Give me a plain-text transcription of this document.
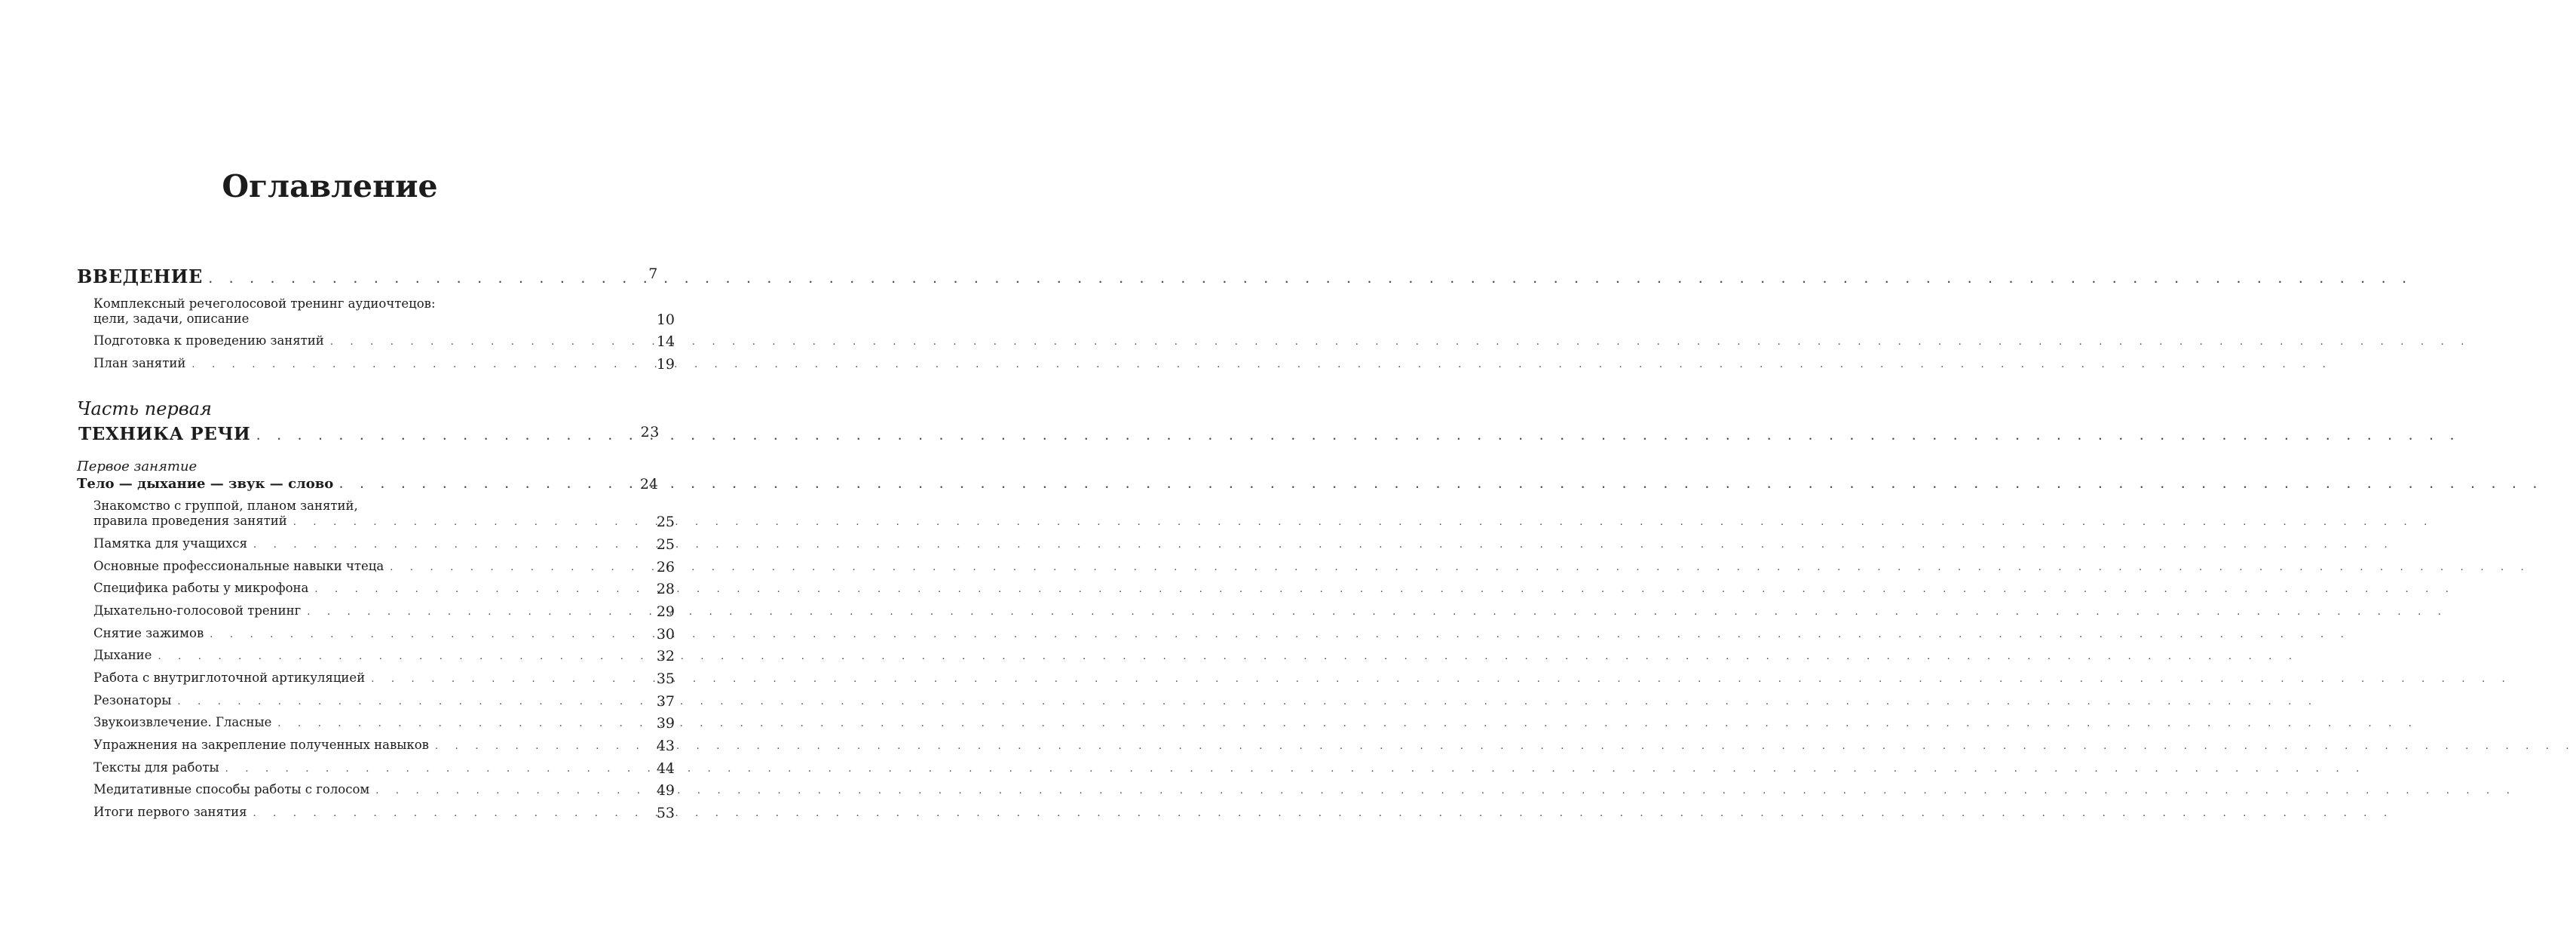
Оглавление
ВВЕДЕНИЕ . . .	7
Комплексный речеголосовой тренинг аудиочтецов:
цели, задачи, описание	10
Подготовка к проведению занятий . . .	14
План занятий . . .	19
Часть первая
ТЕХНИКА РЕЧИ . . .	23
Первое занятие
Тело — дыхание — звук — слово . . .	24
Знакомство с группой, планом занятий,
правила проведения занятий . . .	25
Памятка для учащихся . . .	25
Основные профессиональные навыки чтеца . . .	26
Специфика работы у микрофона . . .	28
Дыхательно-голосовой тренинг . . .	29
Снятие зажимов . . .	30
Дыхание . . .	32
Работа с внутриглоточной артикуляцией . . .	35
Резонаторы . . .	37
Звукоизвлечение. Гласные . . .	39
Упражнения на закрепление полученных навыков . . .	43
Тексты для работы . . .	44
Медитативные способы работы с голосом . . .	49
Итоги первого занятия . . .	53
